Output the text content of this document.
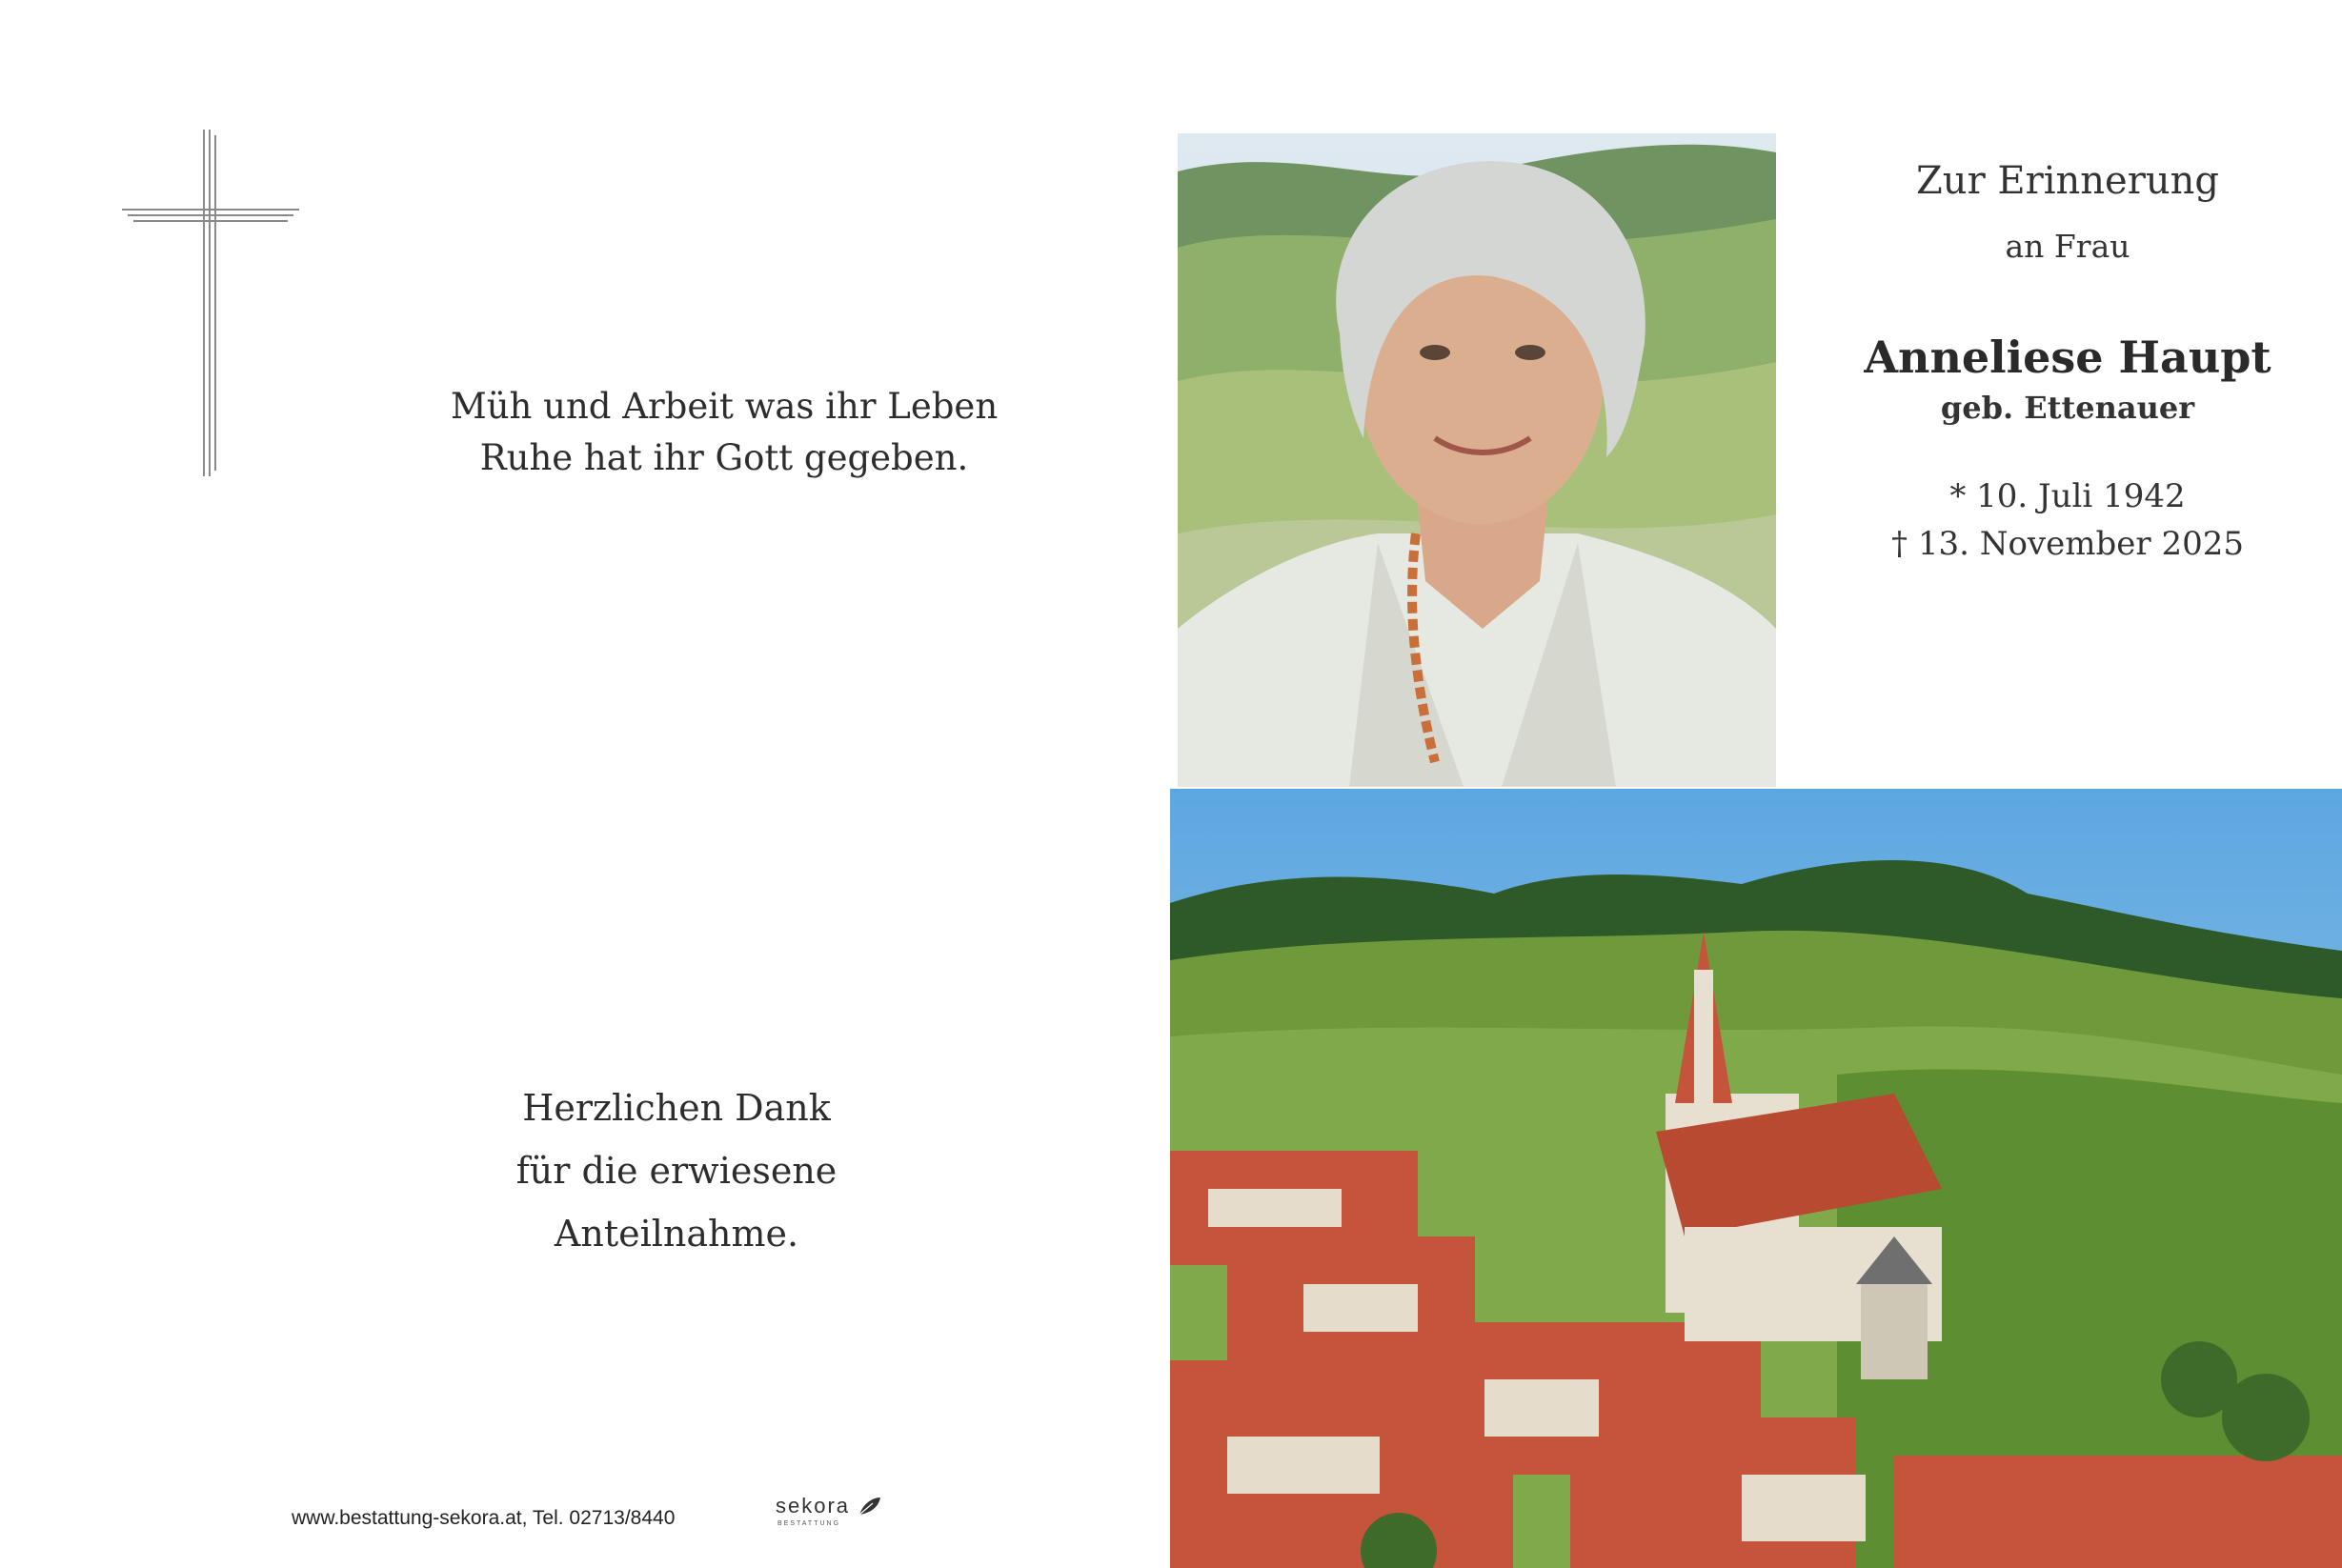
Müh und Arbeit was ihr Leben
Ruhe hat ihr Gott gegeben.
Herzlichen Dank
für die erwiesene
Anteilnahme.
www.bestattung-sekora.at, Tel. 02713/8440
sekora
BESTATTUNG
Zur Erinnerung
an Frau
Anneliese Haupt
geb. Ettenauer
* 10. Juli 1942
† 13. November 2025
